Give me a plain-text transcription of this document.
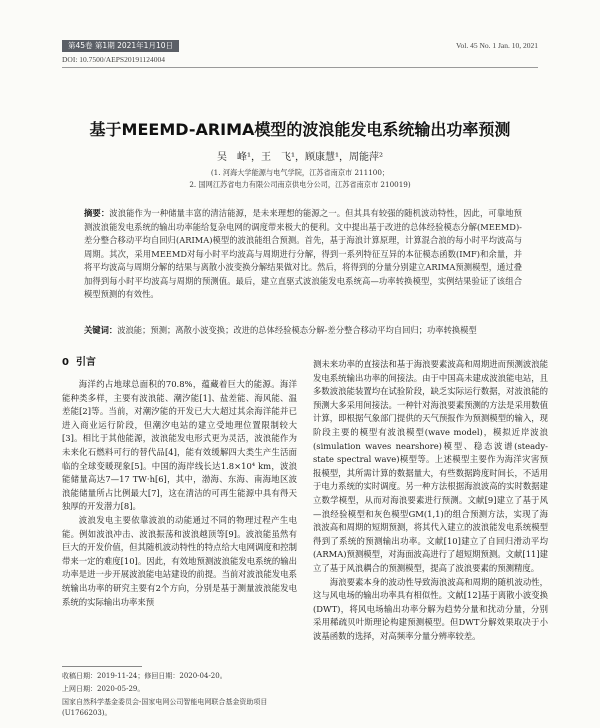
第45卷 第1期 2021年1月10日	Vol. 45 No. 1 Jan. 10, 2021
DOI: 10.7500/AEPS20191124004
基于MEEMD-ARIMA模型的波浪能发电系统输出功率预测
吴　峰¹，王　飞¹，顾康慧¹，周能萍²
(1. 河海大学能源与电气学院，江苏省南京市 211100；
2. 国网江苏省电力有限公司南京供电分公司，江苏省南京市 210019)
摘要：波浪能作为一种储量丰富的清洁能源，是未来理想的能源之一。但其具有较强的随机波动特性，因此，可靠地预测波浪能发电系统的输出功率能给复杂电网的调度带来极大的便利。文中提出基于改进的总体经验模态分解(MEEMD)-差分整合移动平均自回归(ARIMA)模型的波浪能组合预测。首先，基于海浪计算原理，计算混合浪的每小时平均波高与周期。其次，采用MEEMD对每小时平均波高与周期进行分解，得到一系列特征互异的本征模态函数(IMF)和余量，并将平均波高与周期分解的结果与离散小波变换分解结果做对比。然后，将得到的分量分别建立ARIMA预测模型，通过叠加得到每小时平均波高与周期的预测值。最后，建立直驱式波浪能发电系统高—功率转换模型，实例结果验证了该组合模型预测的有效性。
关键词：波浪能；预测；离散小波变换；改进的总体经验模态分解-差分整合移动平均自回归；功率转换模型
0 引言

海洋约占地球总面积的70.8%，蕴藏着巨大的能源。海洋能种类多样，主要有波浪能、潮汐能[1]、盐差能、海风能、温差能[2]等。当前，对潮汐能的开发已大大超过其余海洋能并已进入商业运行阶段，但潮汐电站的建立受地理位置限制较大[3]。相比于其他能源，波浪能发电形式更为灵活，波浪能作为未来化石燃料可行的替代品[4]，能有效缓解四大类生产生活面临的全球变暖现象[5]。中国的海岸线长达1.8×10⁴ km，波浪能储量高达7—17 TW·h[6]，其中，渤海、东海、南海地区波浪能储量所占比例最大[7]，这在清洁的可再生能源中具有得天独厚的开发潜力[8]。

波浪发电主要依靠波浪的动能通过不同的物理过程产生电能。例如波浪冲击、波浪振荡和波浪越顶等[9]。波浪能虽然有巨大的开发价值，但其随机波动特性的特点给大电网调度和控制带来一定的难度[10]。因此，有效地预测波浪能发电系统的输出功率是进一步开展波浪能电站建设的前提。当前对波浪能发电系统输出功率的研究主要有2个方向，分别是基于测量波浪能发电系统的实际输出功率来预

测未来功率的直接法和基于海浪要素波高和周期进而预测波浪能发电系统输出功率的间接法。由于中国高未建成波浪能电站，且多数波浪能装置均在试验阶段，缺乏实际运行数据，对波浪能的预测大多采用间接法。一种针对海浪要素预测的方法是采用数值计算，即根据气象部门提供的天气预报作为预测模型的输入，现阶段主要的模型有波浪模型(wave model)，模拟近岸波浪(simulation waves nearshore)模型、稳态波谱(steady-state spectral wave)模型等。上述模型主要作为海洋灾害预报模型，其所需计算的数据量大，有些数据跨度时间长，不适用于电力系统的实时调度。另一种方法根据海浪波高的实时数据建立数学模型，从而对海浪要素进行预测。文献[9]建立了基于风—浪经验模型和灰色模型GM(1,1)的组合预测方法，实现了海浪波高和周期的短期预测，将其代入建立的波浪能发电系统模型得到了系统的预测输出功率。文献[10]建立了自回归滑动平均(ARMA)预测模型，对海面波高进行了超短期预测。文献[11]建立了基于风浪耦合的预测模型，提高了波浪要素的预测精度。

海浪要素本身的波动性导致海浪波高和周期的随机波动性，这与风电场的输出功率具有相似性。文献[12]基于离散小波变换(DWT)，将风电场输出功率分解为趋势分量和扰动分量，分别采用稀疏贝叶斯理论构建预测模型。但DWT分解效果取决于小波基函数的选择，对高频率分量分辨率较差。

收稿日期：2019-11-24；修回日期：2020-04-20。
上网日期：2020-05-29。
国家自然科学基金委员会-国家电网公司智能电网联合基金资助项目(U1766203)。
